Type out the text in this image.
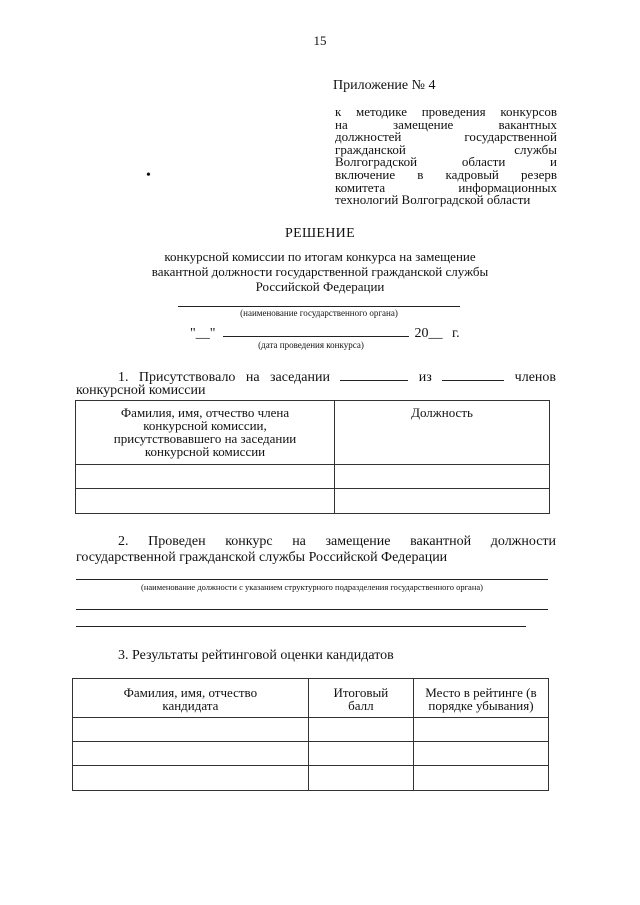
15
Приложение № 4
к методике проведения конкурсов
на замещение вакантных
должностей государственной
гражданской службы
Волгоградской области и
включение в кадровый резерв
комитета информационных
технологий Волгоградской области
•
РЕШЕНИЕ
конкурсной комиссии по итогам конкурса на замещение
вакантной должности государственной гражданской службы
Российской Федерации
(наименование государственного органа)
"__"	20__ г.
(дата проведения конкурса)
1. Присутствовало на заседании	из	членов
конкурсной комиссии
Фамилия, имя, отчество члена конкурсной комиссии, присутствовавшего на заседании конкурсной комиссии	Должность

2. Проведен конкурс на замещение вакантной должности
государственной гражданской службы Российской Федерации
(наименование должности с указанием структурного подразделения государственного органа)
3. Результаты рейтинговой оценки кандидатов
Фамилия, имя, отчество кандидата	Итоговый балл	Место в рейтинге (в порядке убывания)
